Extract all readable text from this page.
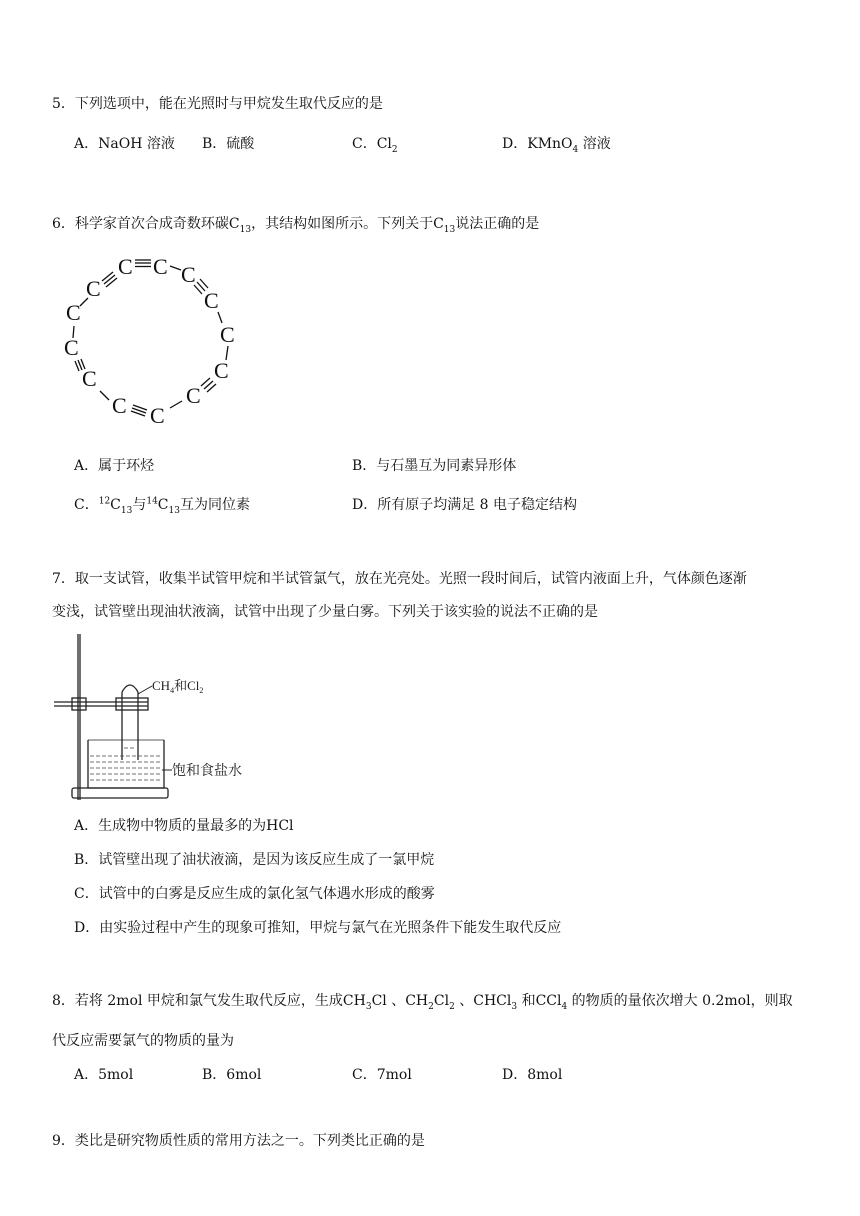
5．下列选项中，能在光照时与甲烷发生取代反应的是
A．NaOH 溶液 B．硫酸	C．$Cl_2$	D．KMnO$_4$ 溶液
6．科学家首次合成奇数环碳$C_{13}$，其结构如图所示。下列关于$C_{13}$说法正确的是
C C C
C
C
C
C
C
C
C
C
C
C
A．属于环烃	B．与石墨互为同素异形体
C．$^{12}C_{13}$与$^{14}C_{13}$互为同位素	D．所有原子均满足 8 电子稳定结构
7．取一支试管，收集半试管甲烷和半试管氯气，放在光亮处。光照一段时间后，试管内液面上升，气体颜色逐渐
变浅，试管壁出现油状液滴，试管中出现了少量白雾。下列关于该实验的说法不正确的是
$CH_4$和$Cl_2$
饱和食盐水
A．生成物中物质的量最多的为HCl
B．试管壁出现了油状液滴，是因为该反应生成了一氯甲烷
C．试管中的白雾是反应生成的氯化氢气体遇水形成的酸雾
D．由实验过程中产生的现象可推知，甲烷与氯气在光照条件下能发生取代反应
8．若将 2mol 甲烷和氯气发生取代反应，生成$CH_3Cl$ 、$CH_2Cl_2$ 、CHCl$_3$ 和CCl$_4$ 的物质的量依次增大 0.2mol，则取
代反应需要氯气的物质的量为
A．5mol	B．6mol	C．7mol	D．8mol
9．类比是研究物质性质的常用方法之一。下列类比正确的是
